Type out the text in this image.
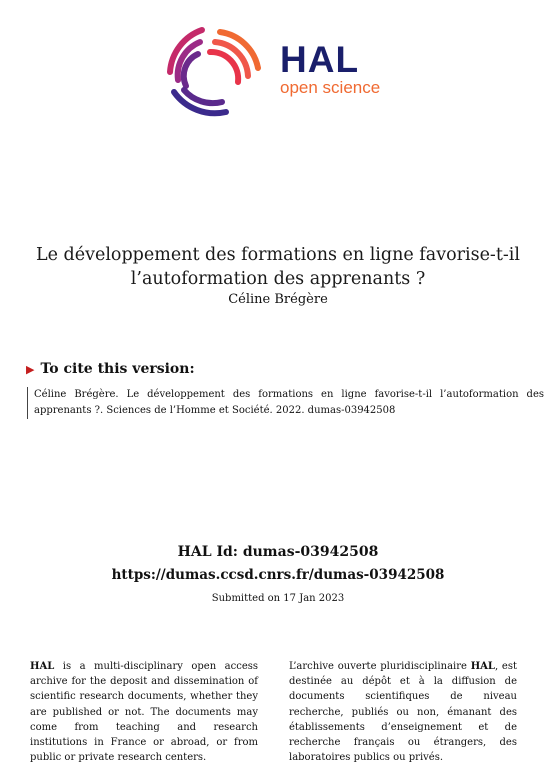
HAL
open science
Le développement des formations en ligne favorise-t-il
l’autoformation des apprenants ?
Céline Brégère
▶ To cite this version:
Céline Brégère. Le développement des formations en ligne favorise-t-il l’autoformation des apprenants ?. Sciences de l’Homme et Société. 2022. dumas-03942508
HAL Id: dumas-03942508
https://dumas.ccsd.cnrs.fr/dumas-03942508
Submitted on 17 Jan 2023
HAL is a multi-disciplinary open access archive for the deposit and dissemination of scientific research documents, whether they are published or not. The documents may come from teaching and research institutions in France or abroad, or from public or private research centers.
L’archive ouverte pluridisciplinaire HAL, est destinée au dépôt et à la diffusion de documents scientifiques de niveau recherche, publiés ou non, émanant des établissements d’enseignement et de recherche français ou étrangers, des laboratoires publics ou privés.
